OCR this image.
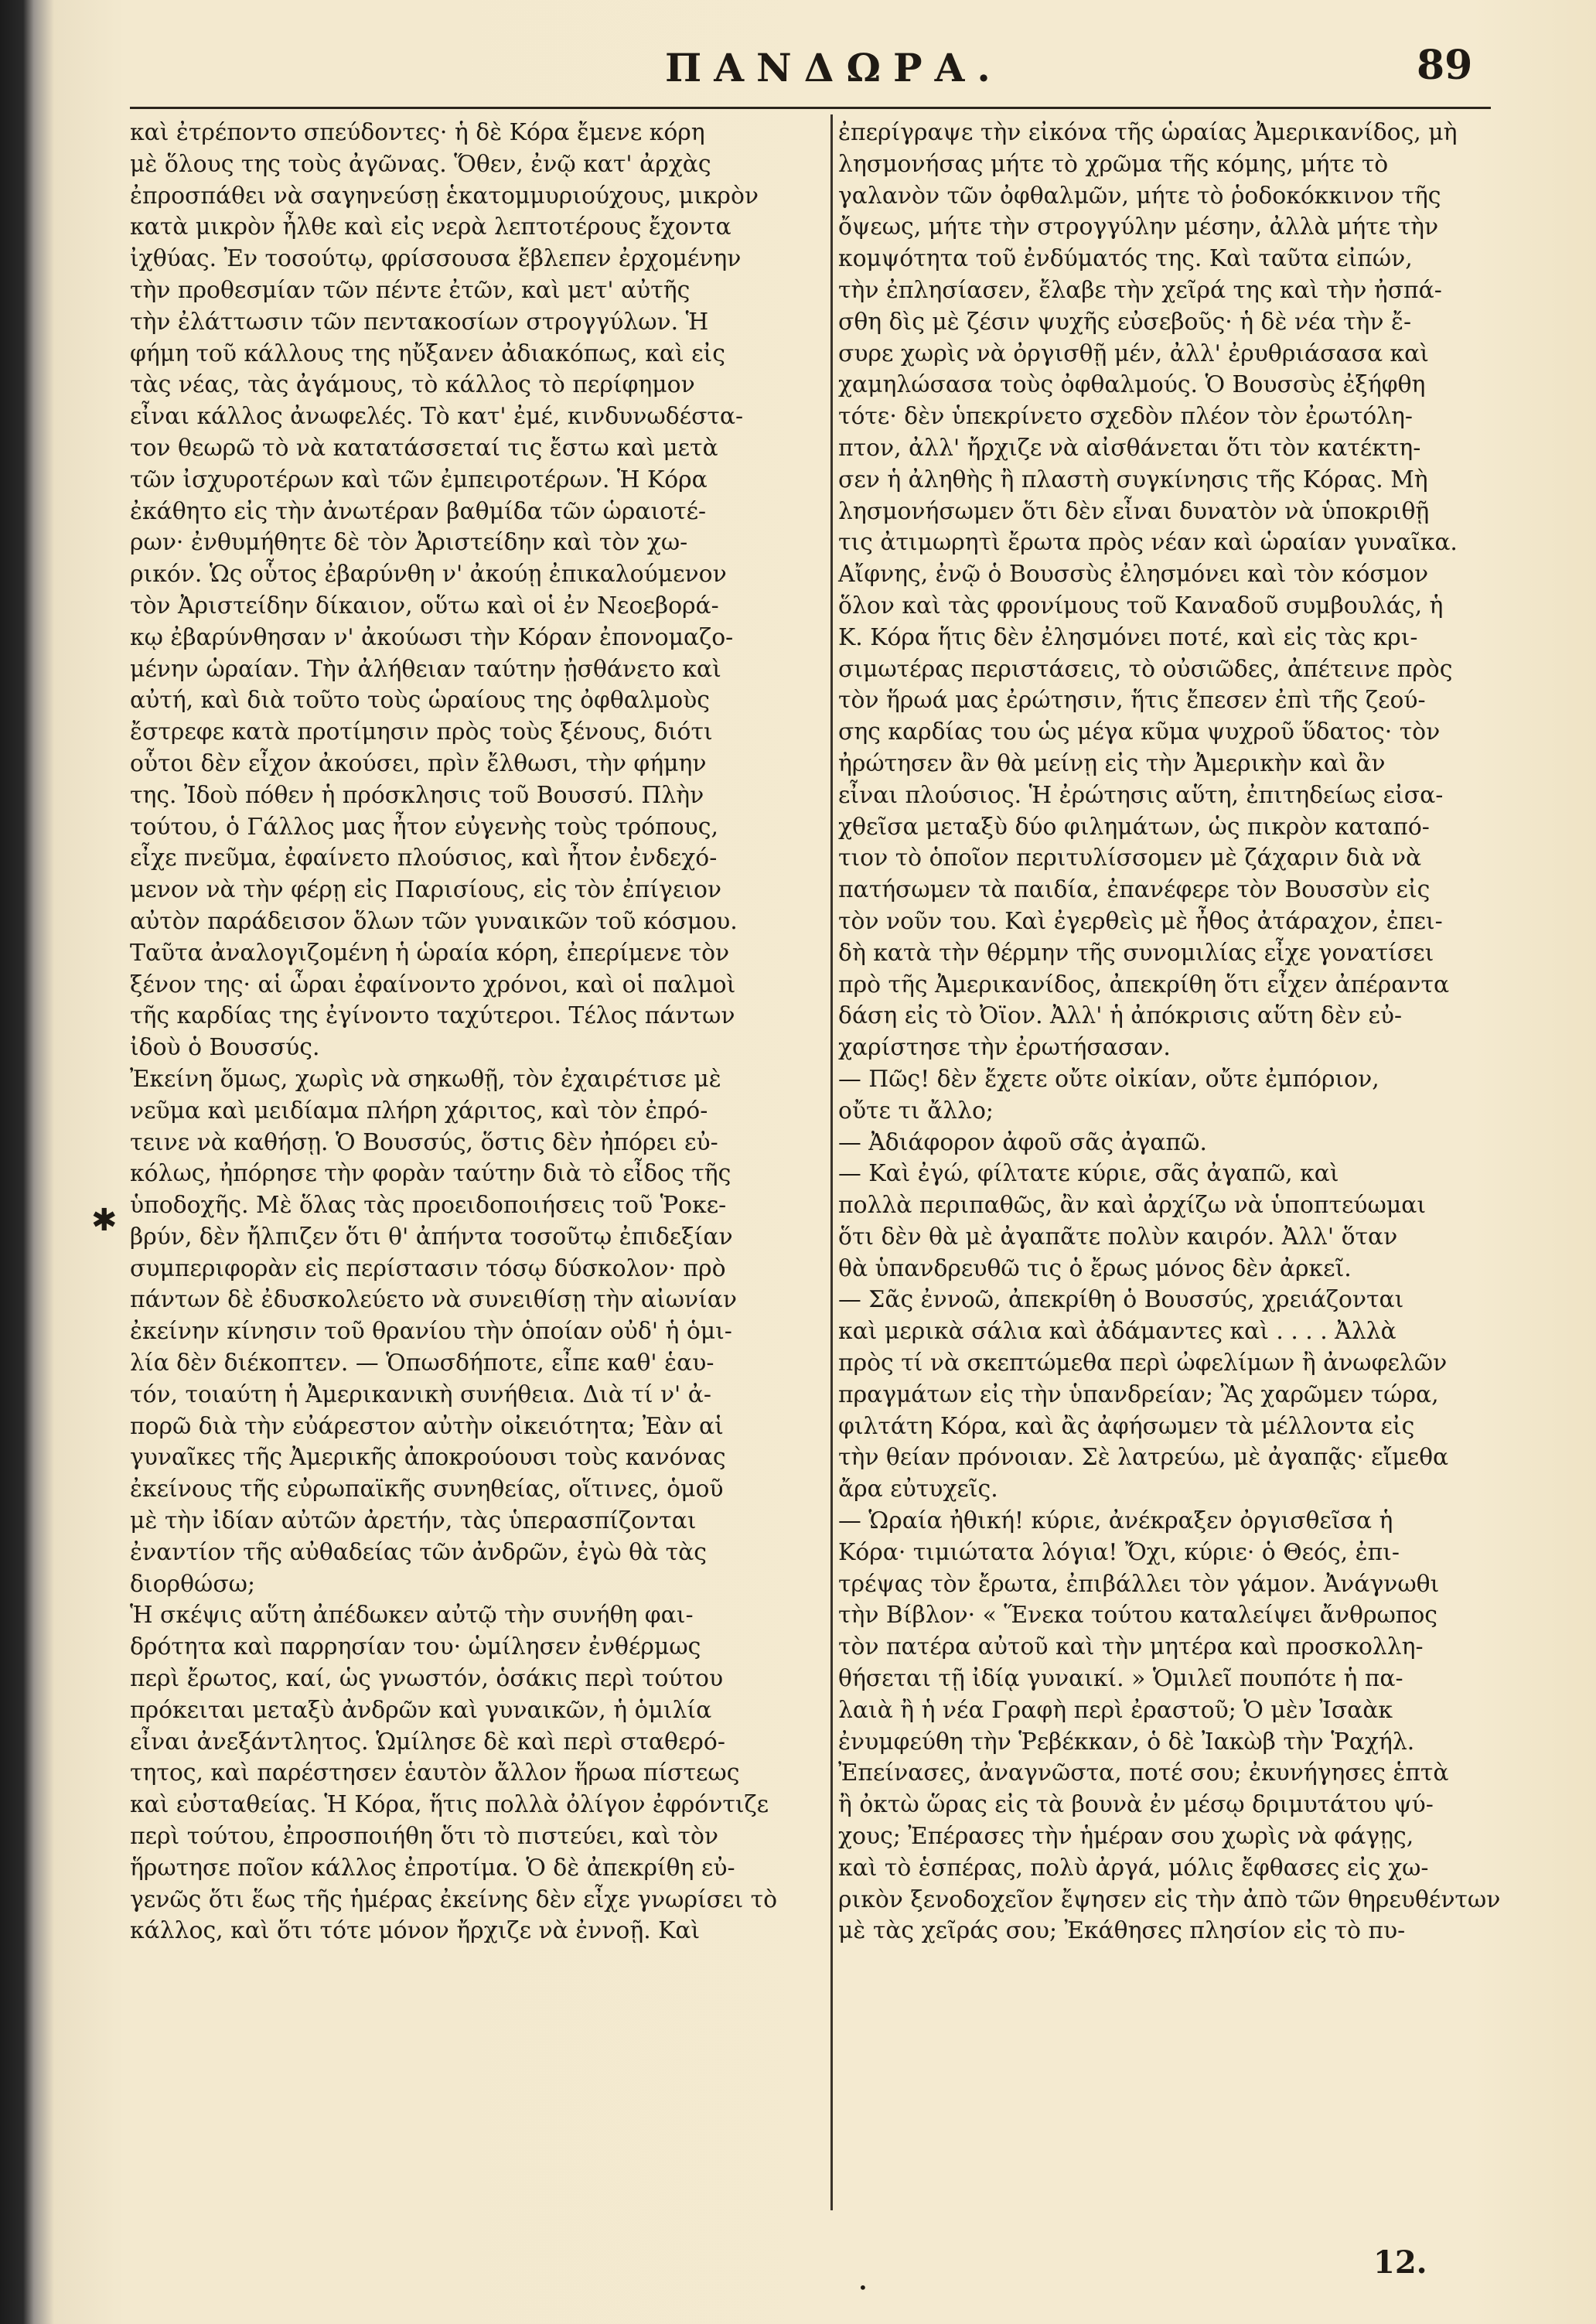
ΠΑΝΔΩΡΑ.	89

καὶ ἐτρέποντο σπεύδοντες· ἡ δὲ Κόρα ἔμενε κόρη

μὲ ὅλους της τοὺς ἀγῶνας. Ὅθεν, ἐνῷ κατ' ἀρχὰς

ἐπροσπάθει νὰ σαγηνεύσῃ ἑκατομμυριούχους, μικρὸν

κατὰ μικρὸν ἦλθε καὶ εἰς νερὰ λεπτοτέρους ἔχοντα

ἰχθύας. Ἐν τοσούτῳ, φρίσσουσα ἔβλεπεν ἐρχομένην

τὴν προθεσμίαν τῶν πέντε ἐτῶν, καὶ μετ' αὐτῆς

τὴν ἐλάττωσιν τῶν πεντακοσίων στρογγύλων. Ἡ

φήμη τοῦ κάλλους της ηὔξανεν ἀδιακόπως, καὶ εἰς

τὰς νέας, τὰς ἀγάμους, τὸ κάλλος τὸ περίφημον

εἶναι κάλλος ἀνωφελές. Τὸ κατ' ἐμέ, κινδυνωδέστα-

τον θεωρῶ τὸ νὰ κατατάσσεταί τις ἔστω καὶ μετὰ

τῶν ἰσχυροτέρων καὶ τῶν ἐμπειροτέρων. Ἡ Κόρα

ἐκάθητο εἰς τὴν ἀνωτέραν βαθμίδα τῶν ὡραιοτέ-

ρων· ἐνθυμήθητε δὲ τὸν Ἀριστείδην καὶ τὸν χω-

ρικόν. Ὡς οὗτος ἐβαρύνθη ν' ἀκούῃ ἐπικαλούμενον

τὸν Ἀριστείδην δίκαιον, οὕτω καὶ οἱ ἐν Νεοεβορά-

κῳ ἐβαρύνθησαν ν' ἀκούωσι τὴν Κόραν ἐπονομαζο-

μένην ὡραίαν. Τὴν ἀλήθειαν ταύτην ᾐσθάνετο καὶ

αὐτή, καὶ διὰ τοῦτο τοὺς ὡραίους της ὀφθαλμοὺς

ἔστρεφε κατὰ προτίμησιν πρὸς τοὺς ξένους, διότι

οὗτοι δὲν εἶχον ἀκούσει, πρὶν ἔλθωσι, τὴν φήμην

της. Ἰδοὺ πόθεν ἡ πρόσκλησις τοῦ Βουσσύ. Πλὴν

τούτου, ὁ Γάλλος μας ἦτον εὐγενὴς τοὺς τρόπους,

εἶχε πνεῦμα, ἐφαίνετο πλούσιος, καὶ ἦτον ἐνδεχό-

μενον νὰ τὴν φέρῃ εἰς Παρισίους, εἰς τὸν ἐπίγειον

αὐτὸν παράδεισον ὅλων τῶν γυναικῶν τοῦ κόσμου.

Ταῦτα ἀναλογιζομένη ἡ ὡραία κόρη, ἐπερίμενε τὸν

ξένον της· αἱ ὧραι ἐφαίνοντο χρόνοι, καὶ οἱ παλμοὶ

τῆς καρδίας της ἐγίνοντο ταχύτεροι. Τέλος πάντων

ἰδοὺ ὁ Βουσσύς.

Ἐκείνη ὅμως, χωρὶς νὰ σηκωθῇ, τὸν ἐχαιρέτισε μὲ

νεῦμα καὶ μειδίαμα πλήρη χάριτος, καὶ τὸν ἐπρό-

τεινε νὰ καθήσῃ. Ὁ Βουσσύς, ὅστις δὲν ἠπόρει εὐ-

κόλως, ἠπόρησε τὴν φορὰν ταύτην διὰ τὸ εἶδος τῆς

ὑποδοχῆς. Μὲ ὅλας τὰς προειδοποιήσεις τοῦ Ῥοκε-

βρύν, δὲν ἤλπιζεν ὅτι θ' ἀπήντα τοσοῦτῳ ἐπιδεξίαν

συμπεριφορὰν εἰς περίστασιν τόσῳ δύσκολον· πρὸ

πάντων δὲ ἐδυσκολεύετο νὰ συνειθίσῃ τὴν αἰωνίαν

ἐκείνην κίνησιν τοῦ θρανίου τὴν ὁποίαν οὐδ' ἡ ὁμι-

λία δὲν διέκοπτεν. — Ὁπωσδήποτε, εἶπε καθ' ἑαυ-

τόν, τοιαύτη ἡ Ἀμερικανικὴ συνήθεια. Διὰ τί ν' ἀ-

πορῶ διὰ τὴν εὐάρεστον αὐτὴν οἰκειότητα; Ἐὰν αἱ

γυναῖκες τῆς Ἀμερικῆς ἀποκρούουσι τοὺς κανόνας

ἐκείνους τῆς εὐρωπαϊκῆς συνηθείας, οἵτινες, ὁμοῦ

μὲ τὴν ἰδίαν αὐτῶν ἀρετήν, τὰς ὑπερασπίζονται

ἐναντίον τῆς αὐθαδείας τῶν ἀνδρῶν, ἐγὼ θὰ τὰς

διορθώσω;

Ἡ σκέψις αὕτη ἀπέδωκεν αὐτῷ τὴν συνήθη φαι-

δρότητα καὶ παρρησίαν του· ὡμίλησεν ἐνθέρμως

περὶ ἔρωτος, καί, ὡς γνωστόν, ὁσάκις περὶ τούτου

πρόκειται μεταξὺ ἀνδρῶν καὶ γυναικῶν, ἡ ὁμιλία

εἶναι ἀνεξάντλητος. Ὡμίλησε δὲ καὶ περὶ σταθερό-

τητος, καὶ παρέστησεν ἑαυτὸν ἄλλον ἥρωα πίστεως

καὶ εὐσταθείας. Ἡ Κόρα, ἥτις πολλὰ ὀλίγον ἐφρόντιζε

περὶ τούτου, ἐπροσποιήθη ὅτι τὸ πιστεύει, καὶ τὸν

ἥρωτησε ποῖον κάλλος ἐπροτίμα. Ὁ δὲ ἀπεκρίθη εὐ-

γενῶς ὅτι ἕως τῆς ἡμέρας ἐκείνης δὲν εἶχε γνωρίσει τὸ

κάλλος, καὶ ὅτι τότε μόνον ἤρχιζε νὰ ἐννοῇ. Καὶ

ἐπερίγραψε τὴν εἰκόνα τῆς ὡραίας Ἀμερικανίδος, μὴ

λησμονήσας μήτε τὸ χρῶμα τῆς κόμης, μήτε τὸ

γαλανὸν τῶν ὀφθαλμῶν, μήτε τὸ ῥοδοκόκκινον τῆς

ὄψεως, μήτε τὴν στρογγύλην μέσην, ἀλλὰ μήτε τὴν

κομψότητα τοῦ ἐνδύματός της. Καὶ ταῦτα εἰπών,

τὴν ἐπλησίασεν, ἔλαβε τὴν χεῖρά της καὶ τὴν ἠσπά-

σθη δὶς μὲ ζέσιν ψυχῆς εὐσεβοῦς· ἡ δὲ νέα τὴν ἔ-

συρε χωρὶς νὰ ὀργισθῇ μέν, ἀλλ' ἐρυθριάσασα καὶ

χαμηλώσασα τοὺς ὀφθαλμούς. Ὁ Βουσσὺς ἐξήφθη

τότε· δὲν ὑπεκρίνετο σχεδὸν πλέον τὸν ἐρωτόλη-

πτον, ἀλλ' ἤρχιζε νὰ αἰσθάνεται ὅτι τὸν κατέκτη-

σεν ἡ ἀληθὴς ἢ πλαστὴ συγκίνησις τῆς Κόρας. Μὴ

λησμονήσωμεν ὅτι δὲν εἶναι δυνατὸν νὰ ὑποκριθῇ

τις ἀτιμωρητὶ ἔρωτα πρὸς νέαν καὶ ὡραίαν γυναῖκα.

Αἴφνης, ἐνῷ ὁ Βουσσὺς ἐλησμόνει καὶ τὸν κόσμον

ὅλον καὶ τὰς φρονίμους τοῦ Καναδοῦ συμβουλάς, ἡ

Κ. Κόρα ἥτις δὲν ἐλησμόνει ποτέ, καὶ εἰς τὰς κρι-

σιμωτέρας περιστάσεις, τὸ οὐσιῶδες, ἀπέτεινε πρὸς

τὸν ἥρωά μας ἐρώτησιν, ἥτις ἔπεσεν ἐπὶ τῆς ζεού-

σης καρδίας του ὡς μέγα κῦμα ψυχροῦ ὕδατος· τὸν

ἠρώτησεν ἂν θὰ μείνῃ εἰς τὴν Ἀμερικὴν καὶ ἂν

εἶναι πλούσιος. Ἡ ἐρώτησις αὕτη, ἐπιτηδείως εἰσα-

χθεῖσα μεταξὺ δύο φιλημάτων, ὡς πικρὸν καταπό-

τιον τὸ ὁποῖον περιτυλίσσομεν μὲ ζάχαριν διὰ νὰ

πατήσωμεν τὰ παιδία, ἐπανέφερε τὸν Βουσσὺν εἰς

τὸν νοῦν του. Καὶ ἐγερθεὶς μὲ ἦθος ἀτάραχον, ἐπει-

δὴ κατὰ τὴν θέρμην τῆς συνομιλίας εἶχε γονατίσει

πρὸ τῆς Ἀμερικανίδος, ἀπεκρίθη ὅτι εἶχεν ἀπέραντα

δάση εἰς τὸ Ὀϊον. Ἀλλ' ἡ ἀπόκρισις αὕτη δὲν εὐ-

χαρίστησε τὴν ἐρωτήσασαν.

— Πῶς! δὲν ἔχετε οὔτε οἰκίαν, οὔτε ἐμπόριον,

οὔτε τι ἄλλο;

— Ἀδιάφορον ἀφοῦ σᾶς ἀγαπῶ.

— Καὶ ἐγώ, φίλτατε κύριε, σᾶς ἀγαπῶ, καὶ

πολλὰ περιπαθῶς, ἂν καὶ ἀρχίζω νὰ ὑποπτεύωμαι

ὅτι δὲν θὰ μὲ ἀγαπᾶτε πολὺν καιρόν. Ἀλλ' ὅταν

θὰ ὑπανδρευθῶ τις ὁ ἔρως μόνος δὲν ἀρκεῖ.

— Σᾶς ἐννοῶ, ἀπεκρίθη ὁ Βουσσύς, χρειάζονται

καὶ μερικὰ σάλια καὶ ἀδάμαντες καὶ . . . . Ἀλλὰ

πρὸς τί νὰ σκεπτώμεθα περὶ ὠφελίμων ἢ ἀνωφελῶν

πραγμάτων εἰς τὴν ὑπανδρείαν; Ἂς χαρῶμεν τώρα,

φιλτάτη Κόρα, καὶ ἂς ἀφήσωμεν τὰ μέλλοντα εἰς

τὴν θείαν πρόνοιαν. Σὲ λατρεύω, μὲ ἀγαπᾷς· εἴμεθα

ἄρα εὐτυχεῖς.

— Ὡραία ἠθική! κύριε, ἀνέκραξεν ὀργισθεῖσα ἡ

Κόρα· τιμιώτατα λόγια! Ὄχι, κύριε· ὁ Θεός, ἐπι-

τρέψας τὸν ἔρωτα, ἐπιβάλλει τὸν γάμον. Ἀνάγνωθι

τὴν Βίβλον· « Ἕνεκα τούτου καταλείψει ἄνθρωπος

τὸν πατέρα αὐτοῦ καὶ τὴν μητέρα καὶ προσκολλη-

θήσεται τῇ ἰδίᾳ γυναικί. » Ὁμιλεῖ πουπότε ἡ πα-

λαιὰ ἢ ἡ νέα Γραφὴ περὶ ἐραστοῦ; Ὁ μὲν Ἰσαὰκ

ἐνυμφεύθη τὴν Ῥεβέκκαν, ὁ δὲ Ἰακὼβ τὴν Ῥαχήλ.

Ἐπείνασες, ἀναγνῶστα, ποτέ σου; ἐκυνήγησες ἑπτὰ

ἢ ὀκτὼ ὥρας εἰς τὰ βουνὰ ἐν μέσῳ δριμυτάτου ψύ-

χους; Ἐπέρασες τὴν ἡμέραν σου χωρὶς νὰ φάγῃς,

καὶ τὸ ἑσπέρας, πολὺ ἀργά, μόλις ἔφθασες εἰς χω-

ρικὸν ξενοδοχεῖον ἔψησεν εἰς τὴν ἀπὸ τῶν θηρευθέντων

μὲ τὰς χεῖράς σου; Ἐκάθησες πλησίον εἰς τὸ πυ-

✱
12.
•
